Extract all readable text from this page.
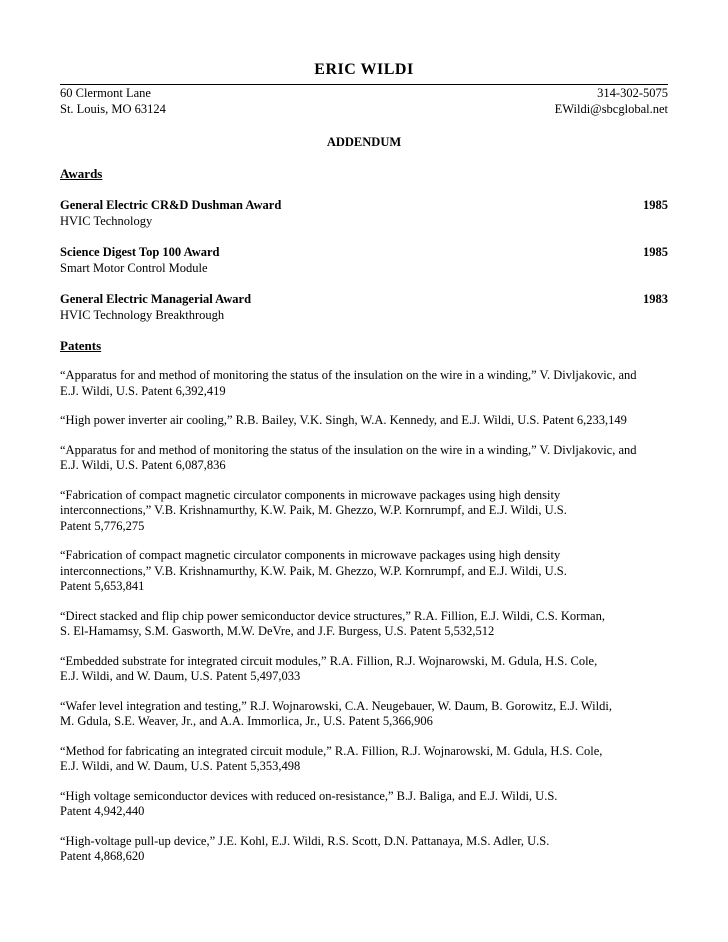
ERIC WILDI
60 Clermont Lane	314-302-5075
St. Louis, MO 63124	EWildi@sbcglobal.net
ADDENDUM
Awards
General Electric CR&D Dushman Award	1985
HVIC Technology
Science Digest Top 100 Award	1985
Smart Motor Control Module
General Electric Managerial Award	1983
HVIC Technology Breakthrough
Patents
“Apparatus for and method of monitoring the status of the insulation on the wire in a winding,” V. Divljakovic, and
E.J. Wildi, U.S. Patent 6,392,419
“High power inverter air cooling,” R.B. Bailey, V.K. Singh, W.A. Kennedy, and E.J. Wildi, U.S. Patent 6,233,149
“Apparatus for and method of monitoring the status of the insulation on the wire in a winding,” V. Divljakovic, and
E.J. Wildi, U.S. Patent 6,087,836
“Fabrication of compact magnetic circulator components in microwave packages using high density
interconnections,” V.B. Krishnamurthy, K.W. Paik, M. Ghezzo, W.P. Kornrumpf, and E.J. Wildi, U.S.
Patent 5,776,275
“Fabrication of compact magnetic circulator components in microwave packages using high density
interconnections,” V.B. Krishnamurthy, K.W. Paik, M. Ghezzo, W.P. Kornrumpf, and E.J. Wildi, U.S.
Patent 5,653,841
“Direct stacked and flip chip power semiconductor device structures,” R.A. Fillion, E.J. Wildi, C.S. Korman,
S. El-Hamamsy, S.M. Gasworth, M.W. DeVre, and J.F. Burgess, U.S. Patent 5,532,512
“Embedded substrate for integrated circuit modules,” R.A. Fillion, R.J. Wojnarowski, M. Gdula, H.S. Cole,
E.J. Wildi, and W. Daum, U.S. Patent 5,497,033
“Wafer level integration and testing,” R.J. Wojnarowski, C.A. Neugebauer, W. Daum, B. Gorowitz, E.J. Wildi,
M. Gdula, S.E. Weaver, Jr., and A.A. Immorlica, Jr., U.S. Patent 5,366,906
“Method for fabricating an integrated circuit module,” R.A. Fillion, R.J. Wojnarowski, M. Gdula, H.S. Cole,
E.J. Wildi, and W. Daum, U.S. Patent 5,353,498
“High voltage semiconductor devices with reduced on-resistance,” B.J. Baliga, and E.J. Wildi, U.S.
Patent 4,942,440
“High-voltage pull-up device,” J.E. Kohl, E.J. Wildi, R.S. Scott, D.N. Pattanaya, M.S. Adler, U.S.
Patent 4,868,620
